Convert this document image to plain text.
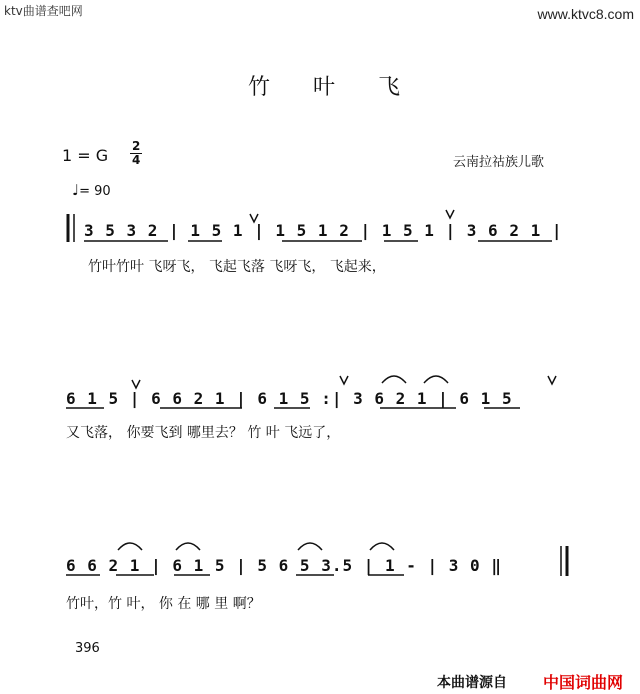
ktv曲谱查吧网	www.ktvc8.com
竹 叶 飞
1 = G 2
4
♩= 90
云南拉祜族儿歌
3 5 3 2 | 1 5 1 | 1 5 1 2 | 1 5 1 | 3 6 2 1 |
竹叶竹叶 飞呀飞， 飞起飞落 飞呀飞， 飞起来，
6 1 5 | 6 6 2 1 | 6 1 5 :| 3 6 2 1 | 6 1 5
又飞落， 你要飞到 哪里去？ 竹 叶 飞远了，
6 6 2 1 | 6 1 5 | 5 6 5 3.5 | 1 - | 3 0 ‖
竹叶，竹 叶， 你 在 哪 里 啊？
396
本曲谱源自 中国词曲网
